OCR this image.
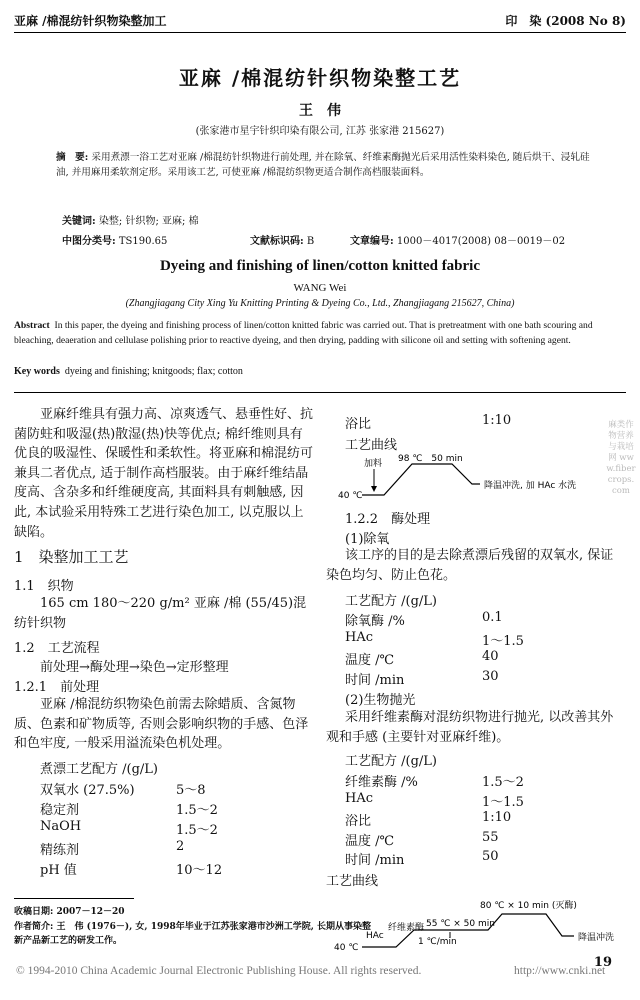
亚麻 /棉混纺针织物染整加工	印　染 (2008 No 8)
亚麻 /棉混纺针织物染整工艺
王　伟
(张家港市星宇针织印染有限公司, 江苏 张家港 215627)
摘　要: 采用煮漂一浴工艺对亚麻 /棉混纺针织物进行前处理, 并在除氧、纤维素酶抛光后采用活性染料染色, 随后烘干、浸轧硅油, 并用麻用柔软剂定形。采用该工艺, 可使亚麻 /棉混纺织物更适合制作高档服装面料。
关键词: 染整; 针织物; 亚麻; 棉
中图分类号: TS190.65	文献标识码: B	文章编号: 1000－4017(2008) 08－0019－02
Dyeing and finishing of linen/cotton knitted fabric
WANG Wei
(Zhangjiagang City Xing Yu Knitting Printing & Dyeing Co., Ltd., Zhangjiagang 215627, China)
Abstract In this paper, the dyeing and finishing process of linen/cotton knitted fabric was carried out. That is pretreatment with one bath scouring and bleaching, deaeration and cellulase polishing prior to reactive dyeing, and then drying, padding with silicone oil and setting with softening agent.
Key words dyeing and finishing; knitgoods; flax; cotton
亚麻纤维具有强力高、凉爽透气、悬垂性好、抗菌防蛀和吸湿(热)散湿(热)快等优点; 棉纤维则具有优良的吸湿性、保暖性和柔软性。将亚麻和棉混纺可兼具二者优点, 适于制作高档服装。由于麻纤维结晶度高、含杂多和纤维硬度高, 其面料具有刺触感, 因此, 本试验采用特殊工艺进行染色加工, 以克服以上缺陷。
1　染整加工工艺
1.1　织物
165 cm 180～220 g/m² 亚麻 /棉 (55/45)混纺针织物
1.2　工艺流程
前处理→酶处理→染色→定形整理
1.2.1　前处理
亚麻 /棉混纺织物染色前需去除蜡质、含氮物质、色素和矿物质等, 否则会影响织物的手感、色泽和色牢度, 一般采用溢流染色机处理。
煮漂工艺配方 /(g/L)
双氧水 (27.5%)	5～8
稳定剂	1.5～2
NaOH	1.5～2
精练剂	2
pH 值	10～12
收稿日期: 2007－12－20
作者简介: 王　伟 (1976－), 女, 1998年毕业于江苏张家港市沙洲工学院, 长期从事染整新产品新工艺的研发工作。
浴比	1:10
工艺曲线
40 ℃
加料 98 ℃　50 min
降温冲洗, 加 HAc 水洗
1.2.2　酶处理
(1)除氧
该工序的目的是去除煮漂后残留的双氧水, 保证染色均匀、防止色花。
工艺配方 /(g/L)
除氧酶 /%	0.1
HAc	1～1.5
温度 /℃	40
时间 /min	30
(2)生物抛光
采用纤维素酶对混纺织物进行抛光, 以改善其外观和手感 (主要针对亚麻纤维)。
工艺配方 /(g/L)
纤维素酶 /%	1.5～2
HAc	1～1.5
浴比	1:10
温度 /℃	55
时间 /min	50
工艺曲线
40 ℃
HAc
纤维素酶
1 ℃/min
55 ℃ × 50 min
80 ℃ × 10 min (灭酶)
降温冲洗
19
© 1994-2010 China Academic Journal Electronic Publishing House. All rights reserved.	http://www.cnki.net
麻类作物营养与栽培网 www.fibercrops.com
